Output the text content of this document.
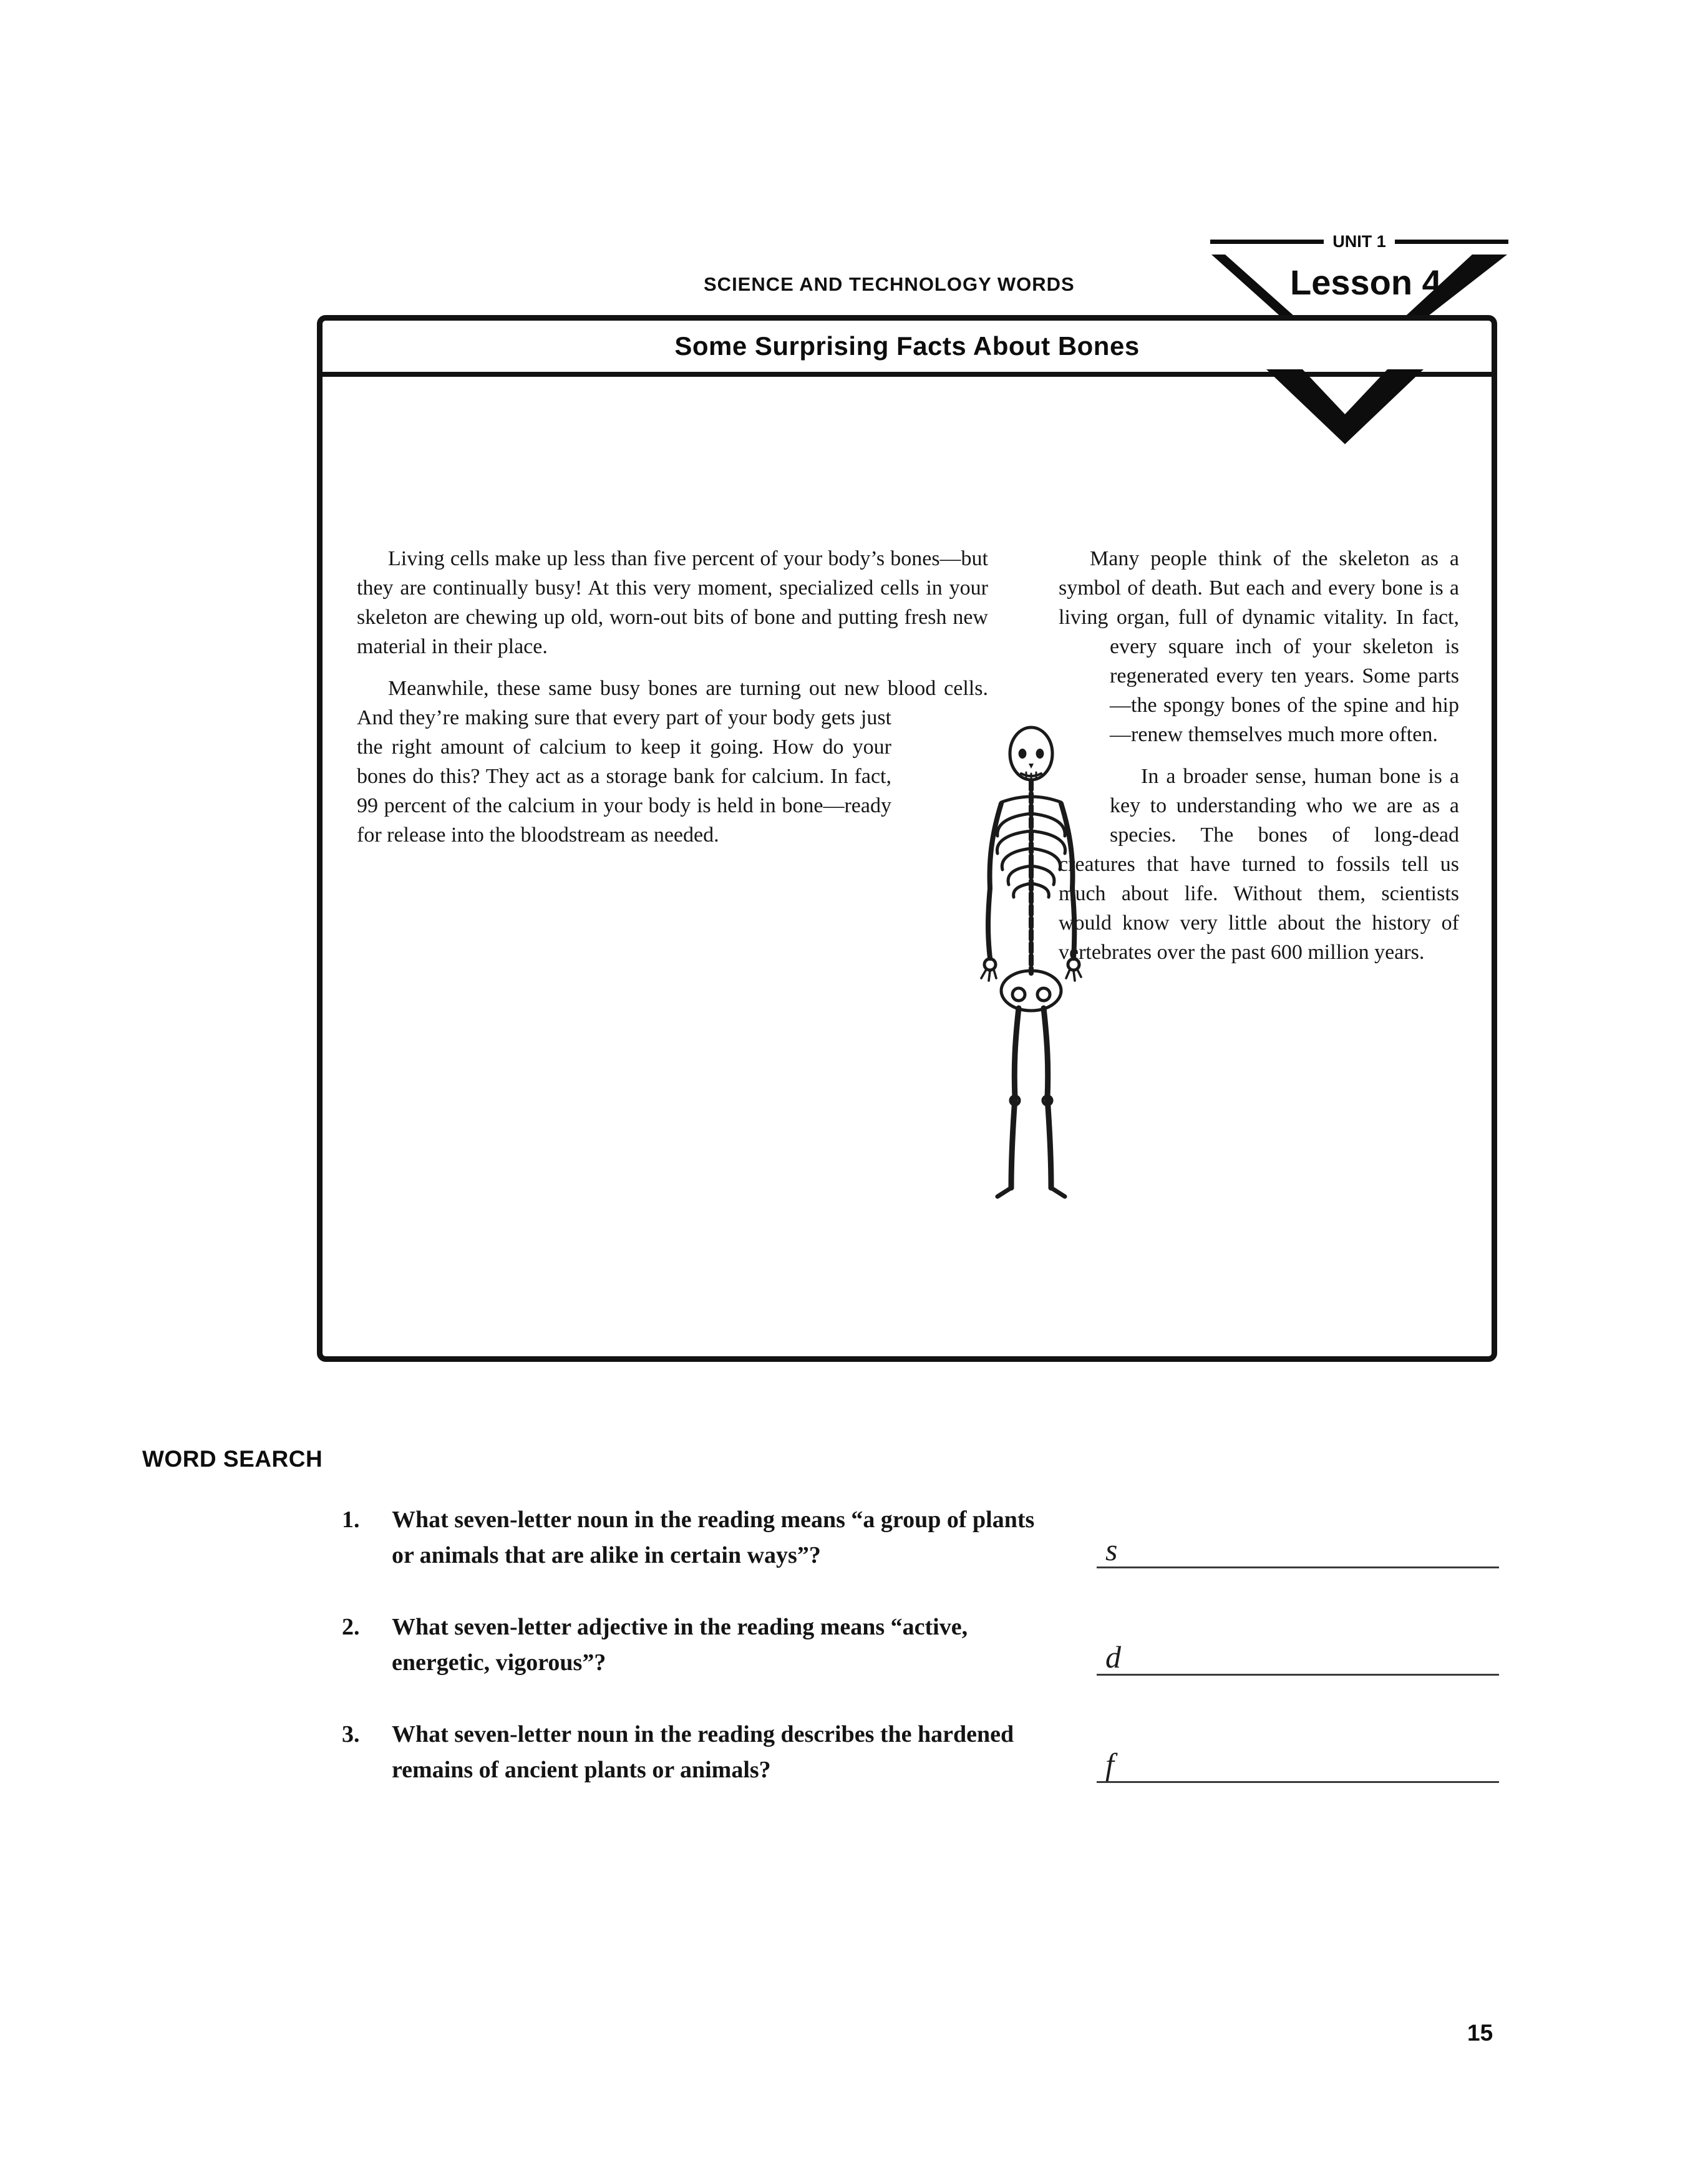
SCIENCE AND TECHNOLOGY WORDS
UNIT 1
Lesson 4
Some Surprising Facts About Bones

Living cells make up less than five percent of your body’s bones—but they are continually busy! At this very moment, specialized cells in your skeleton are chewing up old, worn-out bits of bone and putting fresh new material in their place.

Meanwhile, these same busy bones are turning out new blood cells. And they’re making sure that every part of your body gets just the right amount of calcium to keep it going. How do your bones do this? They act as a storage bank for calcium. In fact, 99 percent of the calcium in your body is held in bone—ready for release into the bloodstream as needed.

Many people think of the skeleton as a symbol of death. But each and every bone is a living organ, full of dynamic vitality. In fact, every square inch of your skeleton is regenerated every ten years. Some parts—the spongy bones of the spine and hip—renew themselves much more often.

In a broader sense, human bone is a key to understanding who we are as a species. The bones of long-dead creatures that have turned to fossils tell us much about life. Without them, scientists would know very little about the history of vertebrates over the past 600 million years.

WORD SEARCH
1.	What seven-letter noun in the reading means “a group of plants or animals that are alike in certain ways”?	s
2.	What seven-letter adjective in the reading means “active, energetic, vigorous”?	d
3.	What seven-letter noun in the reading describes the hardened remains of ancient plants or animals?	f
15
